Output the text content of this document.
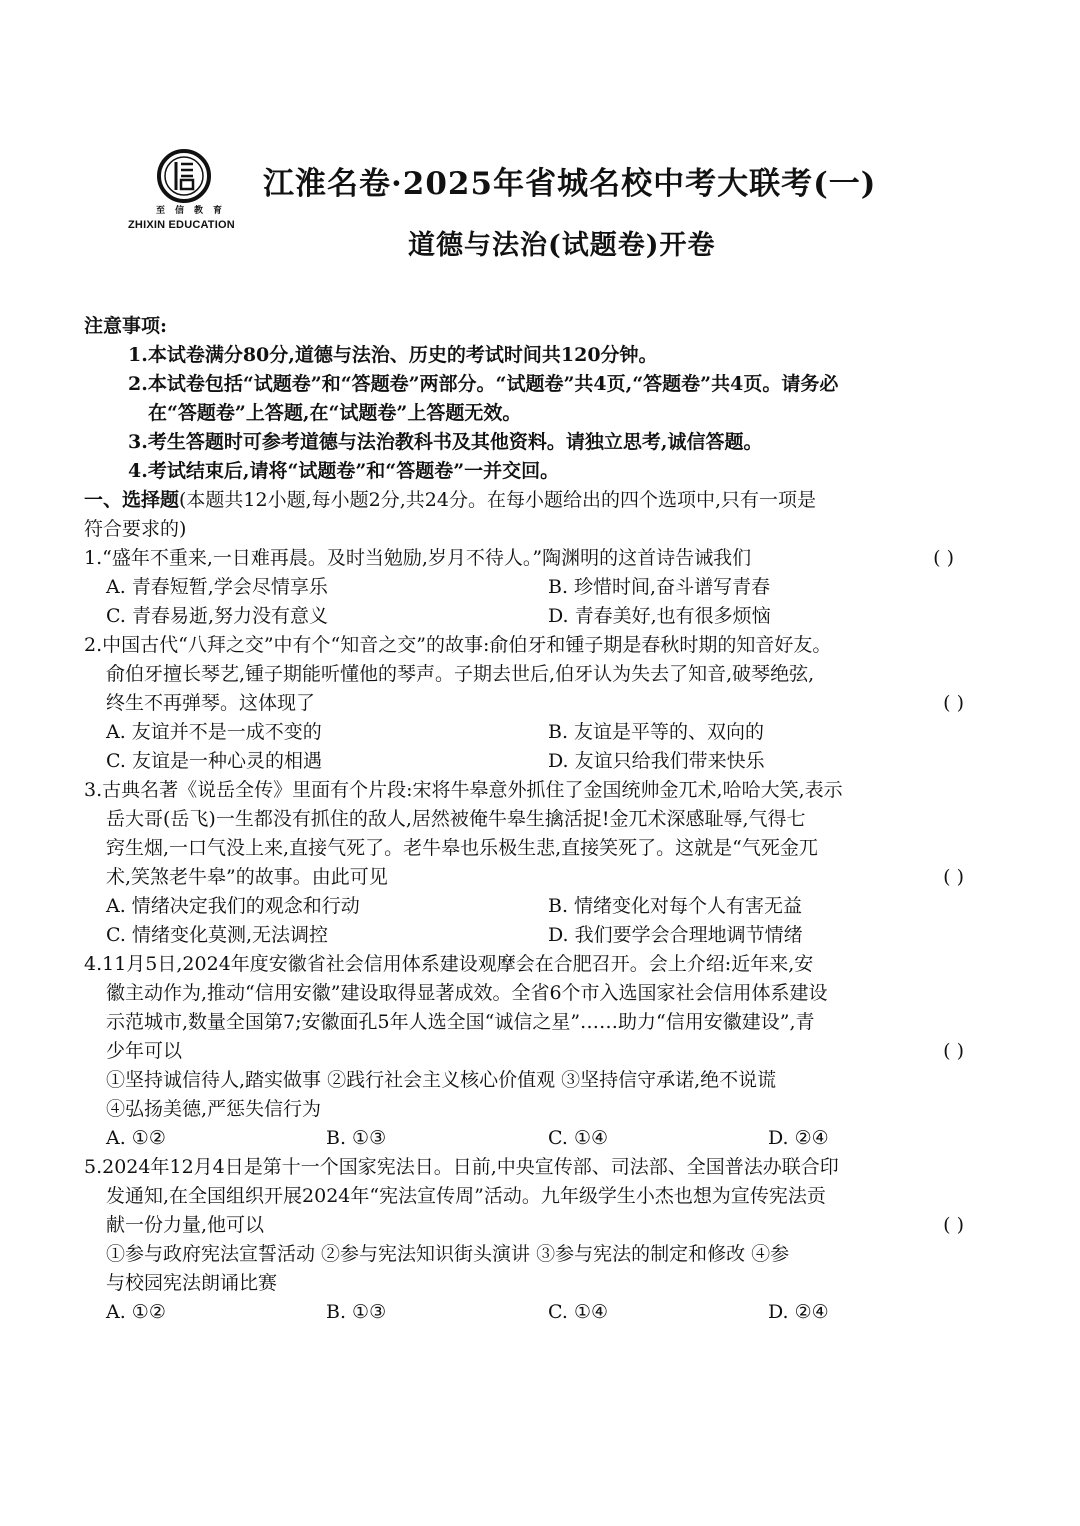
至信教育
ZHIXIN EDUCATION
江淮名卷·2025年省城名校中考大联考(一)
道德与法治(试题卷)开卷
注意事项:
1.本试卷满分80分,道德与法治、历史的考试时间共120分钟。
2.本试卷包括“试题卷”和“答题卷”两部分。“试题卷”共4页,“答题卷”共4页。请务必
在“答题卷”上答题,在“试题卷”上答题无效。
3.考生答题时可参考道德与法治教科书及其他资料。请独立思考,诚信答题。
4.考试结束后,请将“试题卷”和“答题卷”一并交回。
一、选择题(本题共12小题,每小题2分,共24分。在每小题给出的四个选项中,只有一项是
符合要求的)
1.“盛年不重来,一日难再晨。及时当勉励,岁月不待人。”陶渊明的这首诗告诫我们	( )
A. 青春短暂,学会尽情享乐	B. 珍惜时间,奋斗谱写青春
C. 青春易逝,努力没有意义	D. 青春美好,也有很多烦恼
2.中国古代“八拜之交”中有个“知音之交”的故事:俞伯牙和锺子期是春秋时期的知音好友。
俞伯牙擅长琴艺,锺子期能听懂他的琴声。子期去世后,伯牙认为失去了知音,破琴绝弦,
终生不再弹琴。这体现了	( )
A. 友谊并不是一成不变的	B. 友谊是平等的、双向的
C. 友谊是一种心灵的相遇	D. 友谊只给我们带来快乐
3.古典名著《说岳全传》里面有个片段:宋将牛皋意外抓住了金国统帅金兀术,哈哈大笑,表示
岳大哥(岳飞)一生都没有抓住的敌人,居然被俺牛皋生擒活捉!金兀术深感耻辱,气得七
窍生烟,一口气没上来,直接气死了。老牛皋也乐极生悲,直接笑死了。这就是“气死金兀
术,笑煞老牛皋”的故事。由此可见	( )
A. 情绪决定我们的观念和行动	B. 情绪变化对每个人有害无益
C. 情绪变化莫测,无法调控	D. 我们要学会合理地调节情绪
4.11月5日,2024年度安徽省社会信用体系建设观摩会在合肥召开。会上介绍:近年来,安
徽主动作为,推动“信用安徽”建设取得显著成效。全省6个市入选国家社会信用体系建设
示范城市,数量全国第7;安徽面孔5年人选全国“诚信之星”……助力“信用安徽建设”,青
少年可以	( )
①坚持诚信待人,踏实做事 ②践行社会主义核心价值观 ③坚持信守承诺,绝不说谎
④弘扬美德,严惩失信行为
A. ①②	B. ①③	C. ①④	D. ②④
5.2024年12月4日是第十一个国家宪法日。日前,中央宣传部、司法部、全国普法办联合印
发通知,在全国组织开展2024年“宪法宣传周”活动。九年级学生小杰也想为宣传宪法贡
献一份力量,他可以	( )
①参与政府宪法宣誓活动 ②参与宪法知识街头演讲 ③参与宪法的制定和修改 ④参
与校园宪法朗诵比赛
A. ①②	B. ①③	C. ①④	D. ②④
